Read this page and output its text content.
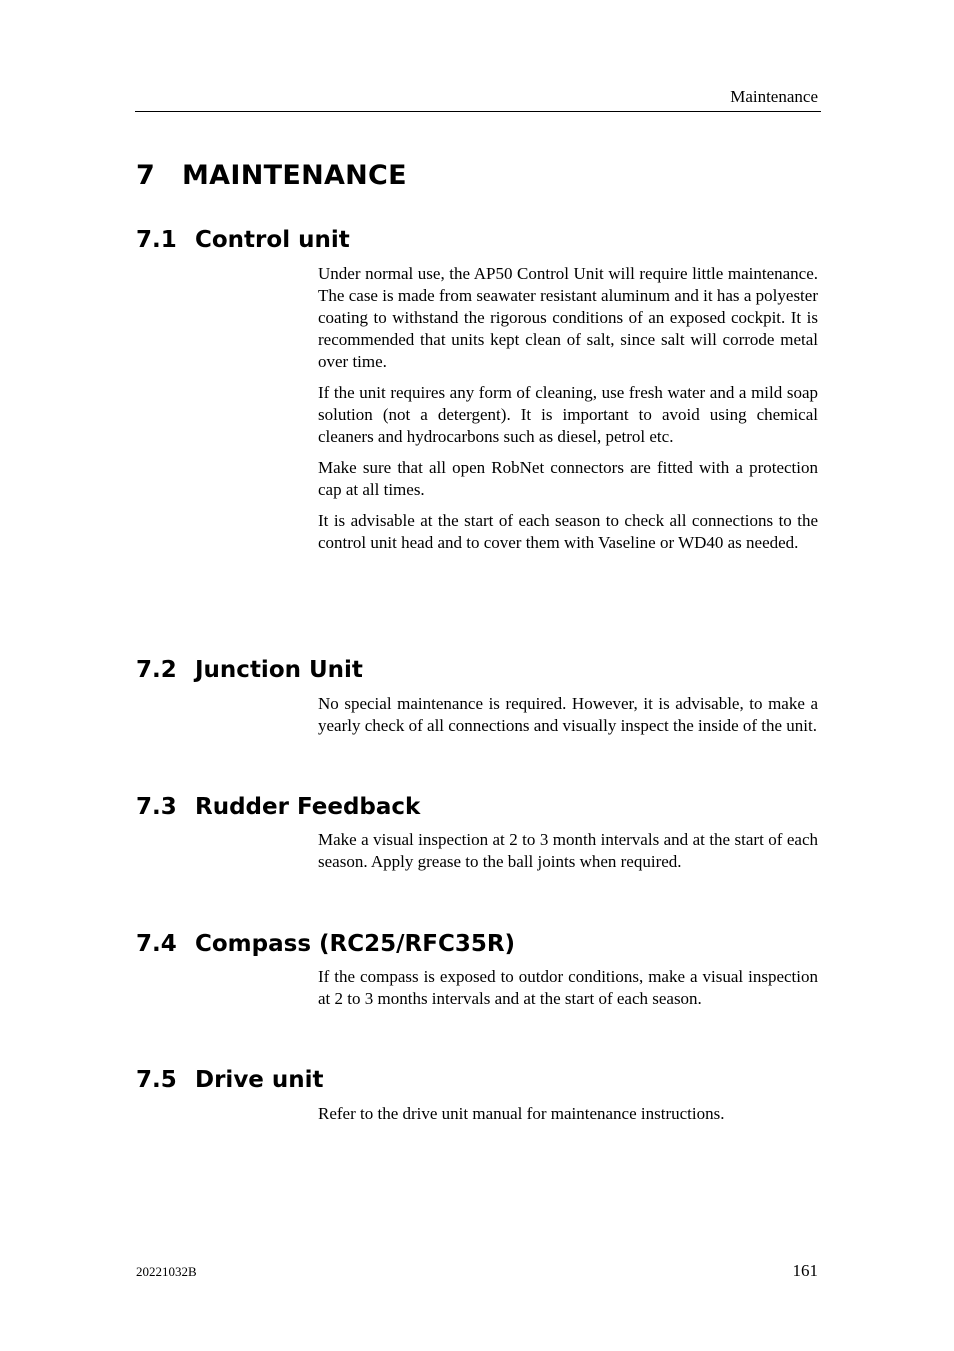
Maintenance
7 MAINTENANCE
7.1 Control unit

Under normal use, the AP50 Control Unit will require little maintenance. The case is made from seawater resistant aluminum and it has a polyester coating to withstand the rigorous conditions of an exposed cockpit. It is recommended that units kept clean of salt, since salt will corrode metal over time.

If the unit requires any form of cleaning, use fresh water and a mild soap solution (not a detergent). It is important to avoid using chemical cleaners and hydrocarbons such as diesel, petrol etc.

Make sure that all open RobNet connectors are fitted with a protection cap at all times.

It is advisable at the start of each season to check all connections to the control unit head and to cover them with Vaseline or WD40 as needed.

7.2 Junction Unit

No special maintenance is required. However, it is advisable, to make a yearly check of all connections and visually inspect the inside of the unit.

7.3 Rudder Feedback

Make a visual inspection at 2 to 3 month intervals and at the start of each season. Apply grease to the ball joints when required.

7.4 Compass (RC25/RFC35R)

If the compass is exposed to outdor conditions, make a visual inspection at 2 to 3 months intervals and at the start of each season.

7.5 Drive unit

Refer to the drive unit manual for maintenance instructions.

20221032B	161
